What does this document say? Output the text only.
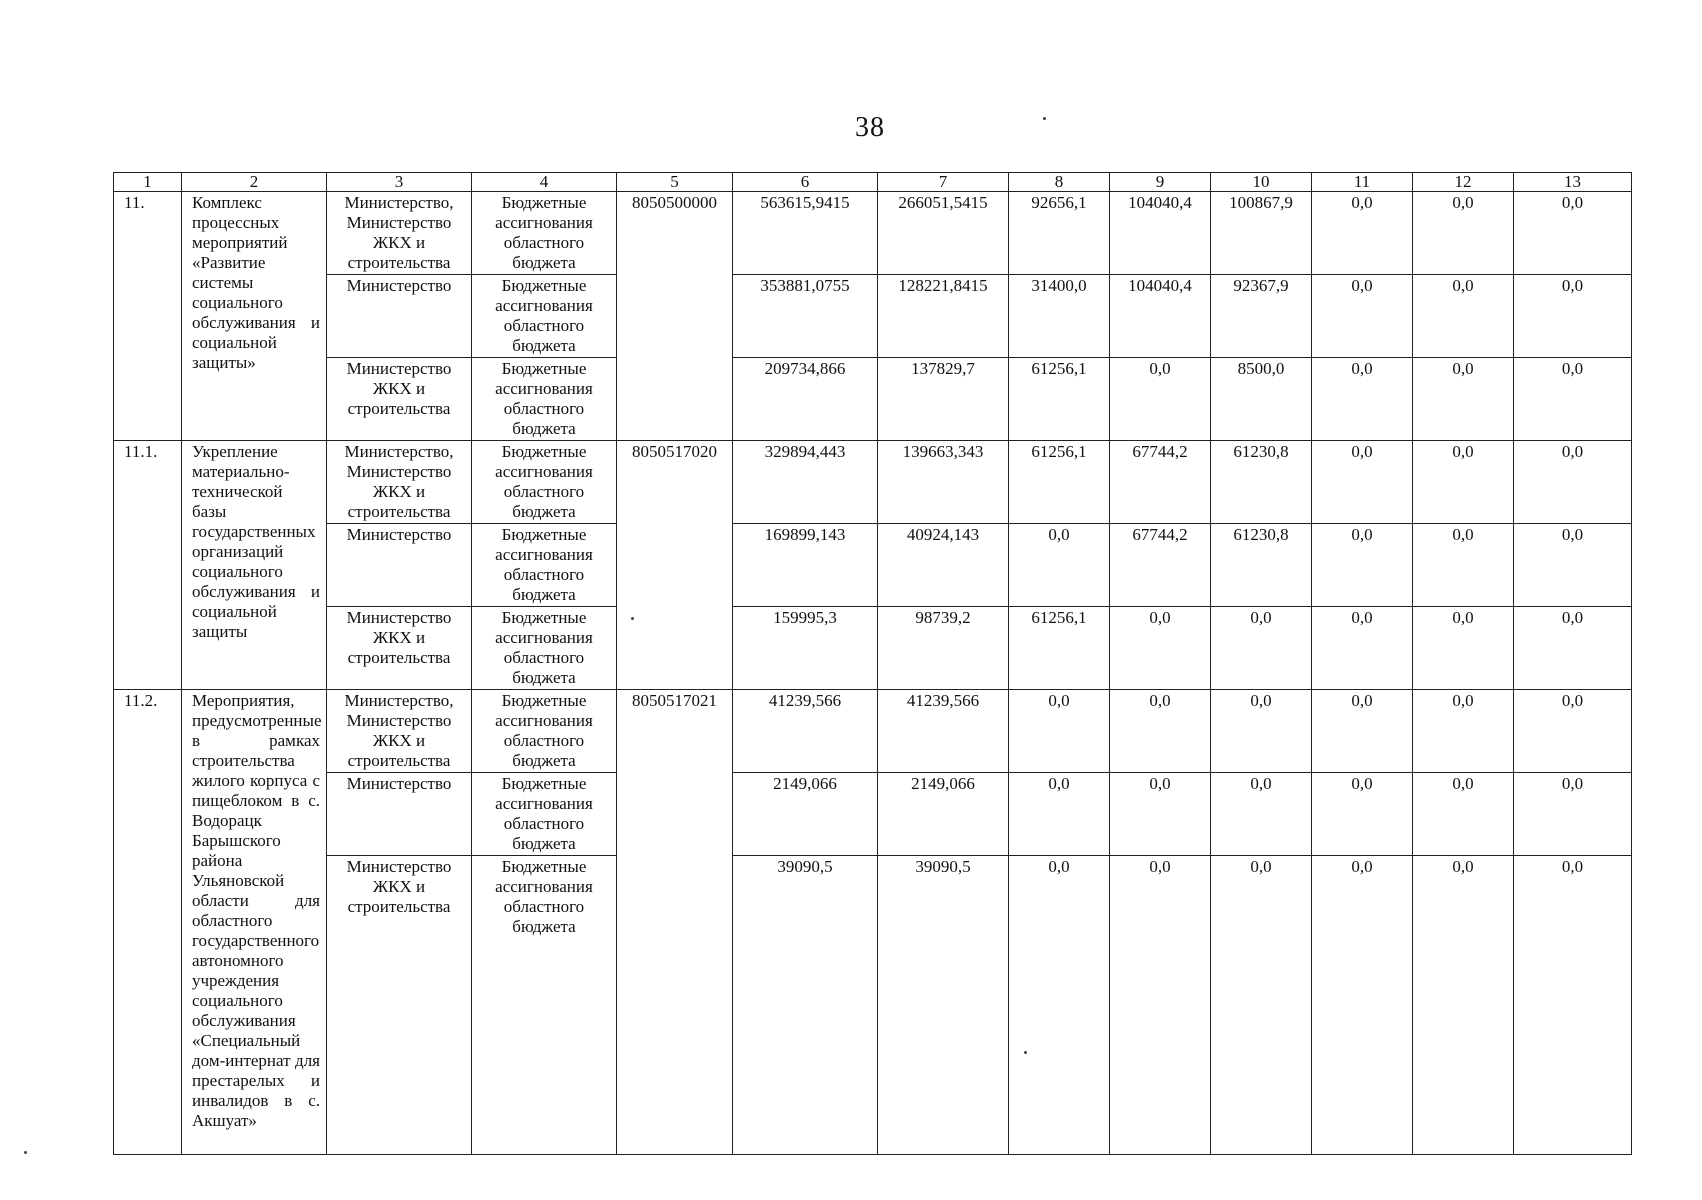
38
1	2	3	4	5	6	7	8	9	10	11	12	13
11.	Комплекс процессных мероприятий «Развитие системы социального обслуживания и социальной защиты»	Министерство, Министерство ЖКХ и строительства	Бюджетные ассигнования областного бюджета	8050500000	563615,9415	266051,5415	92656,1	104040,4	100867,9	0,0	0,0	0,0
		Министерство	Бюджетные ассигнования областного бюджета		353881,0755	128221,8415	31400,0	104040,4	92367,9	0,0	0,0	0,0
		Министерство ЖКХ и строительства	Бюджетные ассигнования областного бюджета		209734,866	137829,7	61256,1	0,0	8500,0	0,0	0,0	0,0
11.1.	Укрепление материально-технической базы государственных организаций социального обслуживания и социальной защиты	Министерство, Министерство ЖКХ и строительства	Бюджетные ассигнования областного бюджета	8050517020	329894,443	139663,343	61256,1	67744,2	61230,8	0,0	0,0	0,0
		Министерство	Бюджетные ассигнования областного бюджета		169899,143	40924,143	0,0	67744,2	61230,8	0,0	0,0	0,0
		Министерство ЖКХ и строительства	Бюджетные ассигнования областного бюджета		159995,3	98739,2	61256,1	0,0	0,0	0,0	0,0	0,0
11.2.	Мероприятия, предусмотренные в рамках строительства жилого корпуса с пищеблоком в с. Водорацк Барышского района Ульяновской области для областного государственного автономного учреждения социального обслуживания «Специальный дом-интернат для престарелых и инвалидов в с. Акшуат»	Министерство, Министерство ЖКХ и строительства	Бюджетные ассигнования областного бюджета	8050517021	41239,566	41239,566	0,0	0,0	0,0	0,0	0,0	0,0
		Министерство	Бюджетные ассигнования областного бюджета		2149,066	2149,066	0,0	0,0	0,0	0,0	0,0	0,0
		Министерство ЖКХ и строительства	Бюджетные ассигнования областного бюджета		39090,5	39090,5	0,0	0,0	0,0	0,0	0,0	0,0
